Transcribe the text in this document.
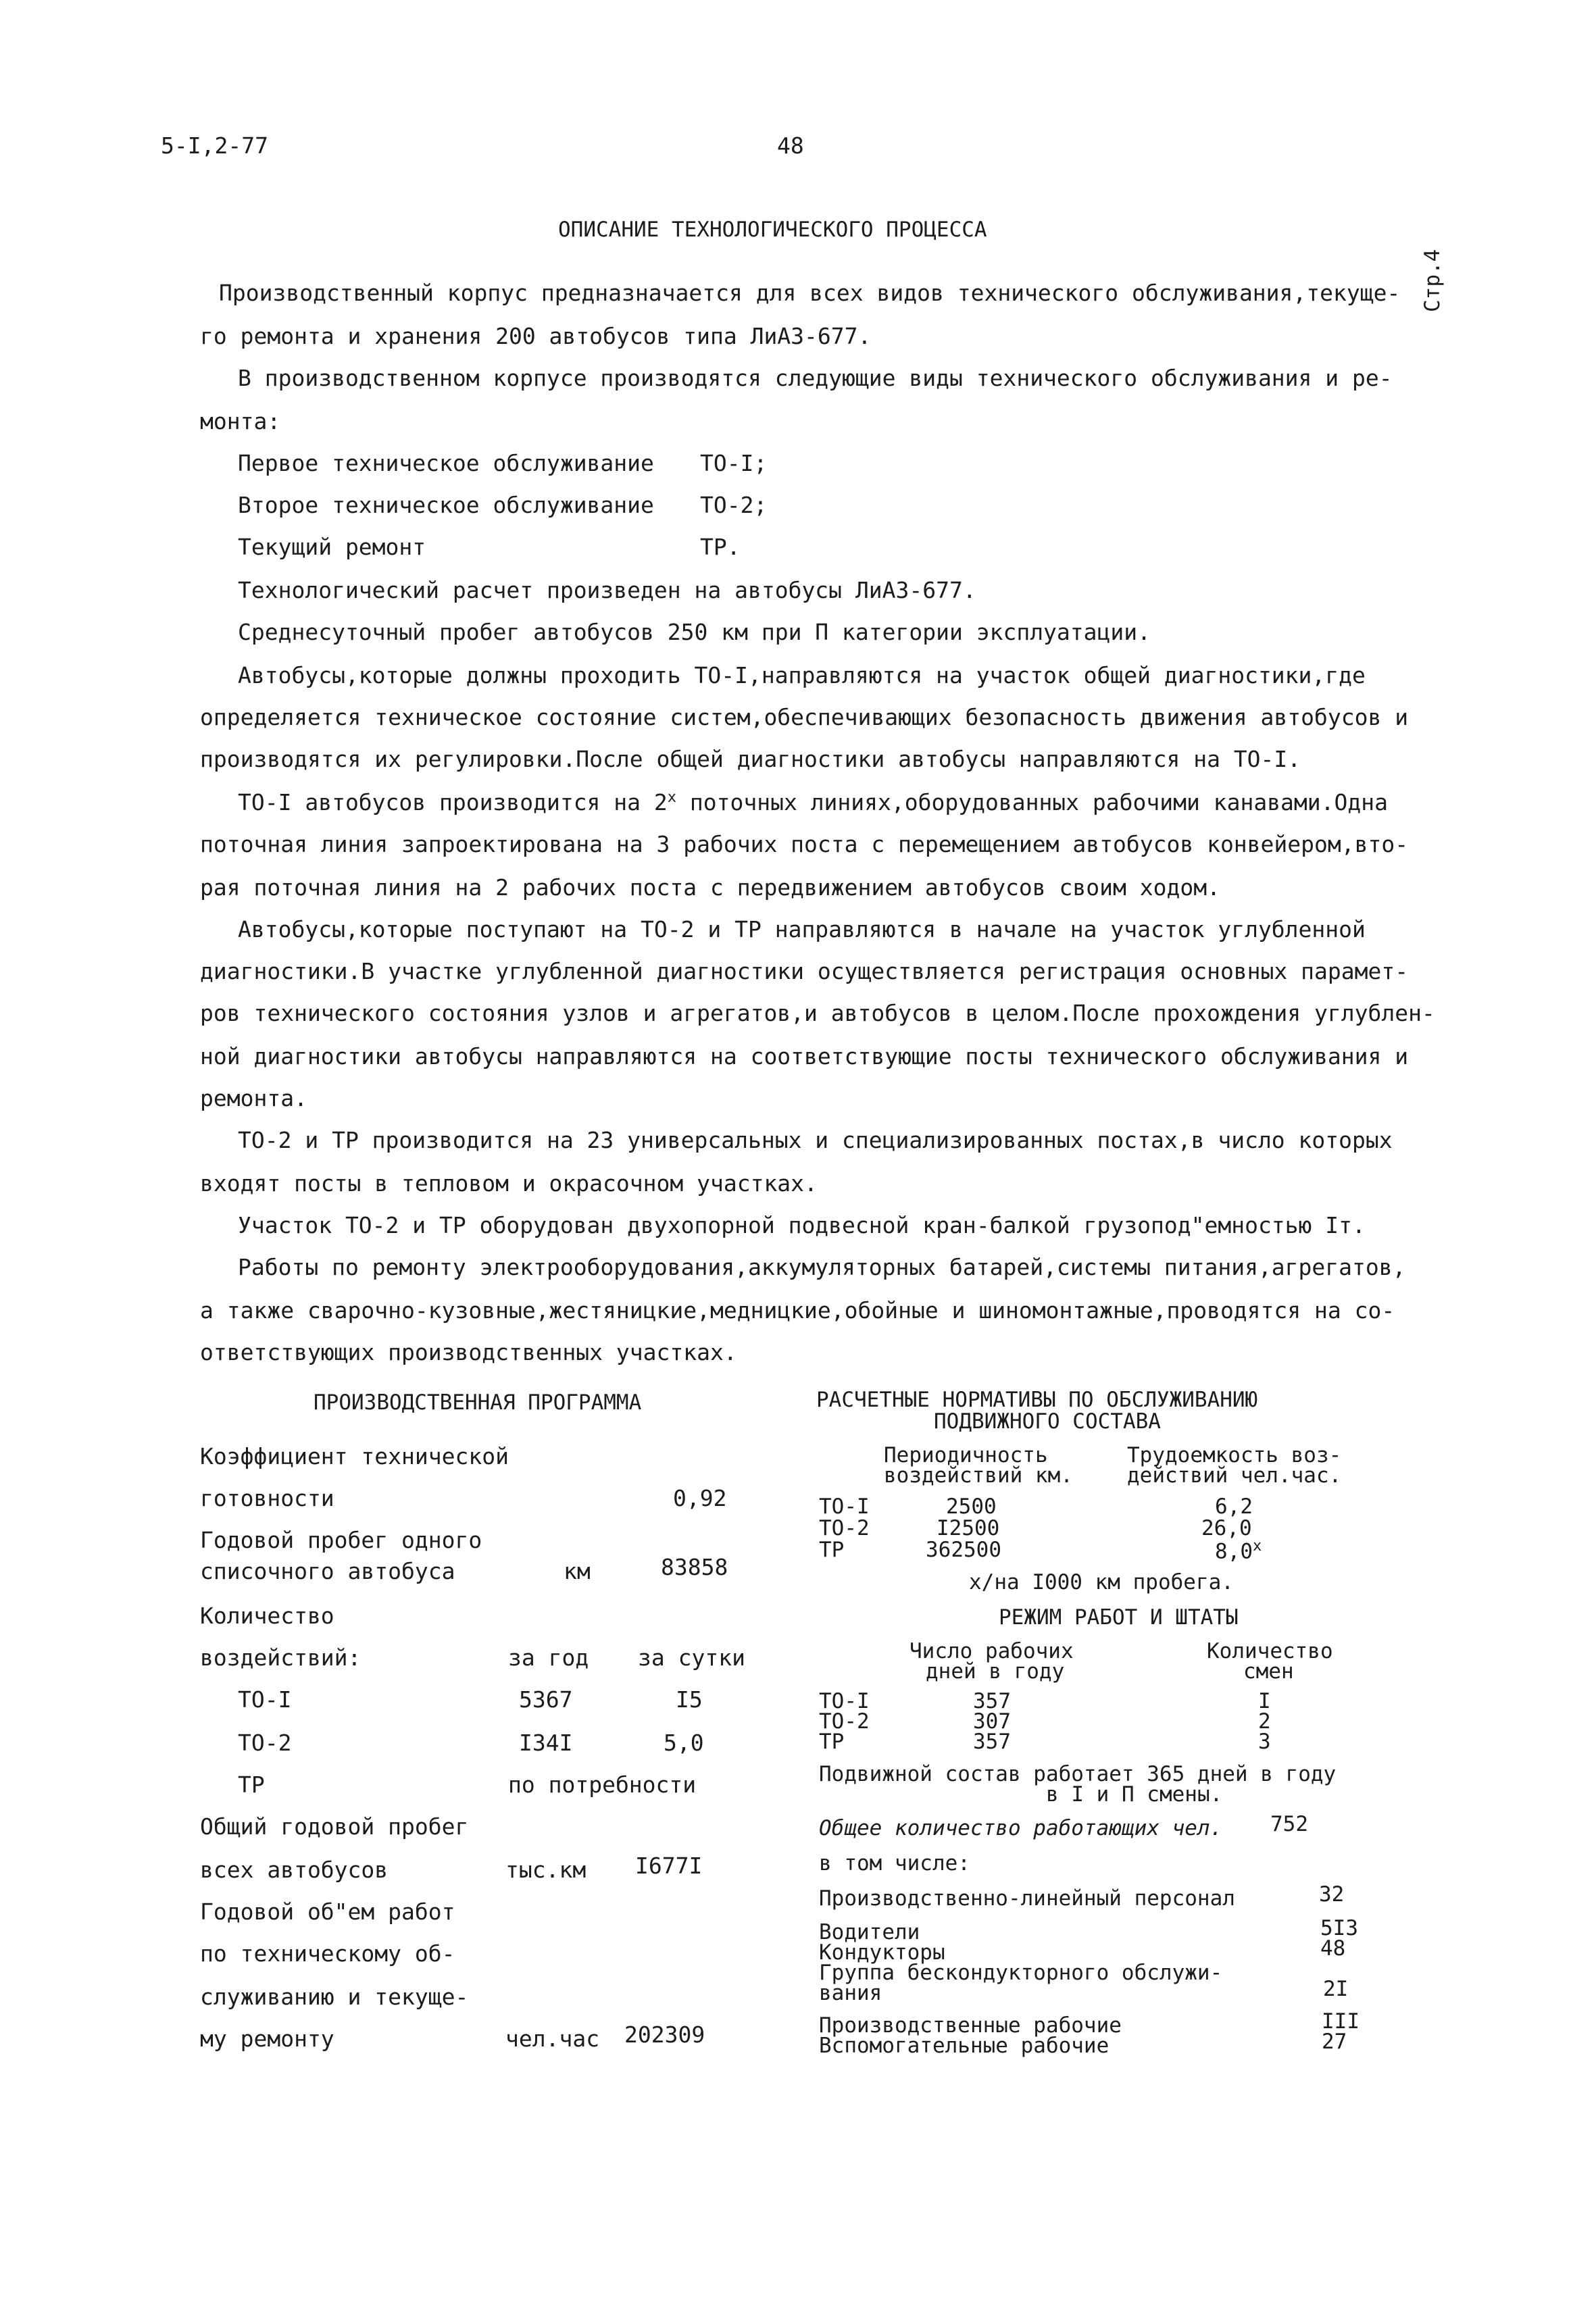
5-I,2-77	48
Стр.4
ОПИСАНИЕ ТЕХНОЛОГИЧЕСКОГО ПРОЦЕССА
Производственный корпус предназначается для всех видов технического обслуживания,текуще-
го ремонта и хранения 200 автобусов типа ЛиАЗ-677.
В производственном корпусе производятся следующие виды технического обслуживания и ре-
монта:
Первое техническое обслуживание ТО-I;
Второе техническое обслуживание ТО-2;
Текущий ремонт	ТР.
Технологический расчет произведен на автобусы ЛиАЗ-677.
Среднесуточный пробег автобусов 250 км при П категории эксплуатации.
Автобусы,которые должны проходить ТО-I,направляются на участок общей диагностики,где
определяется техническое состояние систем,обеспечивающих безопасность движения автобусов и
производятся их регулировки.После общей диагностики автобусы направляются на ТО-I.
ТО-I автобусов производится на 2$^x$ поточных линиях,оборудованных рабочими канавами.Одна
поточная линия запроектирована на 3 рабочих поста с перемещением автобусов конвейером,вто-
рая поточная линия на 2 рабочих поста с передвижением автобусов своим ходом.
Автобусы,которые поступают на ТО-2 и ТР направляются в начале на участок углубленной
диагностики.В участке углубленной диагностики осуществляется регистрация основных парамет-
ров технического состояния узлов и агрегатов,и автобусов в целом.После прохождения углублен-
ной диагностики автобусы направляются на соответствующие посты технического обслуживания и
ремонта.
ТО-2 и ТР производится на 23 универсальных и специализированных постах,в число которых
входят посты в тепловом и окрасочном участках.
Участок ТО-2 и ТР оборудован двухопорной подвесной кран-балкой грузопод"емностью Iт.
Работы по ремонту электрооборудования,аккумуляторных батарей,системы питания,агрегатов,
а также сварочно-кузовные,жестяницкие,медницкие,обойные и шиномонтажные,проводятся на со-
ответствующих производственных участках.
ПРОИЗВОДСТВЕННАЯ ПРОГРАММА
Коэффициент технической
готовности	0,92
Годовой пробег одного
списочного автобуса	км	83858
Количество
воздействий:	за год за сутки
ТО-I	5367	I5
ТО-2	I34I	5,0
ТР	по потребности
Общий годовой пробег
всех автобусов	тыс.км I677I
Годовой об"ем работ
по техническому об-
служиванию и текуще-
му ремонту	чел.час 202309
РАСЧЕТНЫЕ НОРМАТИВЫ ПО ОБСЛУЖИВАНИЮ
ПОДВИЖНОГО СОСТАВА
Периодичность
воздействий км.
Трудоемкость воз-
действий чел.час.
ТО-I	2500	6,2
ТО-2	I2500	26,0
ТР	362500	8,0$^x$
x/на I000 км пробега.
РЕЖИМ РАБОТ И ШТАТЫ
Число рабочих
дней в году
Количество
смен
ТО-I	357	I
ТО-2	307	2
ТР	357	3
Подвижной состав работает 365 дней в году
в I и П смены.
Общее количество работающих чел. 752
в том числе:
Производственно-линейный персонал	32
Водители	5I3
Кондукторы	48
Группа бескондукторного обслужи-
вания	2I
Производственные рабочие	III
Вспомогательные рабочие	27
